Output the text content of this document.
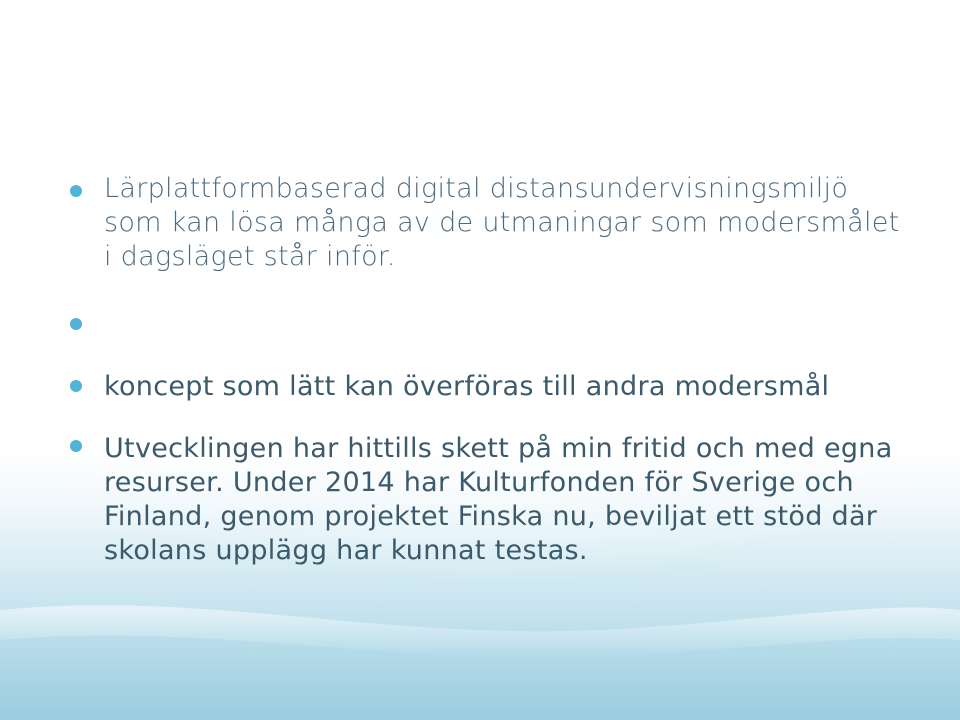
Lärplattformbaserad digital distansundervisningsmiljö som kan lösa många av de utmaningar som modersmålet i dagsläget står inför.
koncept som lätt kan överföras till andra modersmål
Utvecklingen har hittills skett på min fritid och med egna resurser. Under 2014 har Kulturfonden för Sverige och Finland, genom projektet Finska nu, beviljat ett stöd där skolans upplägg har kunnat testas.
